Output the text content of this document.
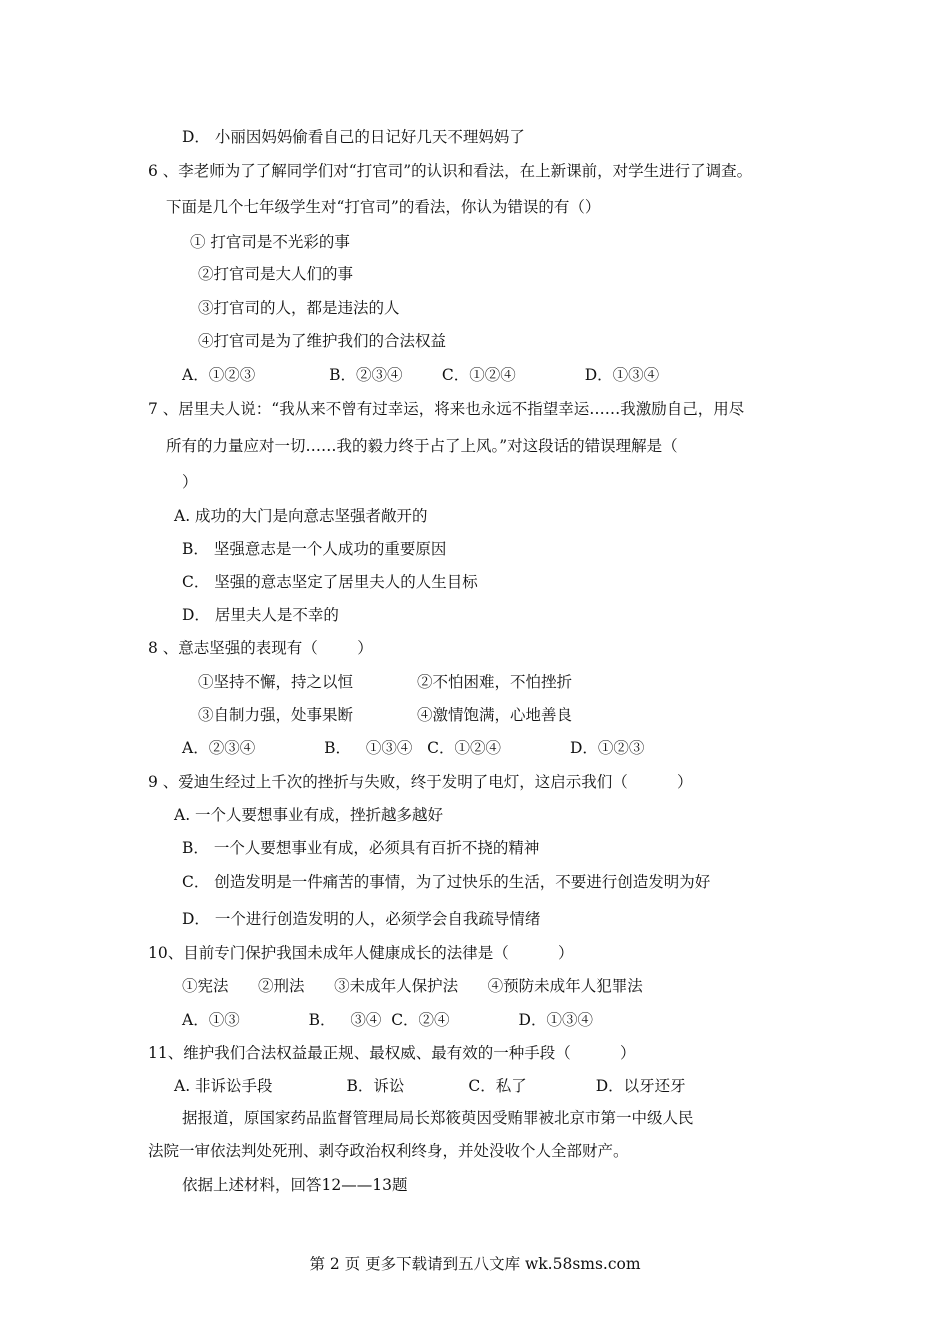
D． 小丽因妈妈偷看自己的日记好几天不理妈妈了
6 、李老师为了了解同学们对“打官司”的认识和看法，在上新课前，对学生进行了调查。
下面是几个七年级学生对“打官司”的看法，你认为错误的有（）
① 打官司是不光彩的事
②打官司是大人们的事
③打官司的人，都是违法的人
④打官司是为了维护我们的合法权益
A．①②③               B．②③④        C．①②④              D．①③④
7 、居里夫人说：“我从来不曾有过幸运，将来也永远不指望幸运……我激励自己，用尽
所有的力量应对一切……我的毅力终于占了上风。”对这段话的错误理解是（
）
A. 成功的大门是向意志坚强者敞开的
B． 坚强意志是一个人成功的重要原因
C． 坚强的意志坚定了居里夫人的人生目标
D． 居里夫人是不幸的
8 、意志坚强的表现有（        ）
①坚持不懈，持之以恒             ②不怕困难，不怕挫折
③自制力强，处事果断             ④激情饱满，心地善良
A．②③④              B．   ①③④   C．①②④              D．①②③
9 、爱迪生经过上千次的挫折与失败，终于发明了电灯，这启示我们（          ）
A. 一个人要想事业有成，挫折越多越好
B． 一个人要想事业有成，必须具有百折不挠的精神
C． 创造发明是一件痛苦的事情，为了过快乐的生活，不要进行创造发明为好
D． 一个进行创造发明的人，必须学会自我疏导情绪
10、目前专门保护我国未成年人健康成长的法律是（          ）
①宪法      ②刑法      ③未成年人保护法      ④预防未成年人犯罪法
A．①③              B．   ③④  C．②④              D．①③④
11、维护我们合法权益最正规、最权威、最有效的一种手段（          ）
A. 非诉讼手段               B．诉讼             C．私了              D．以牙还牙
据报道，原国家药品监督管理局局长郑筱萸因受贿罪被北京市第一中级人民
法院一审依法判处死刑、剥夺政治权利终身，并处没收个人全部财产。
依据上述材料，回答12——13题
第 2 页 更多下载请到五八文库 wk.58sms.com
